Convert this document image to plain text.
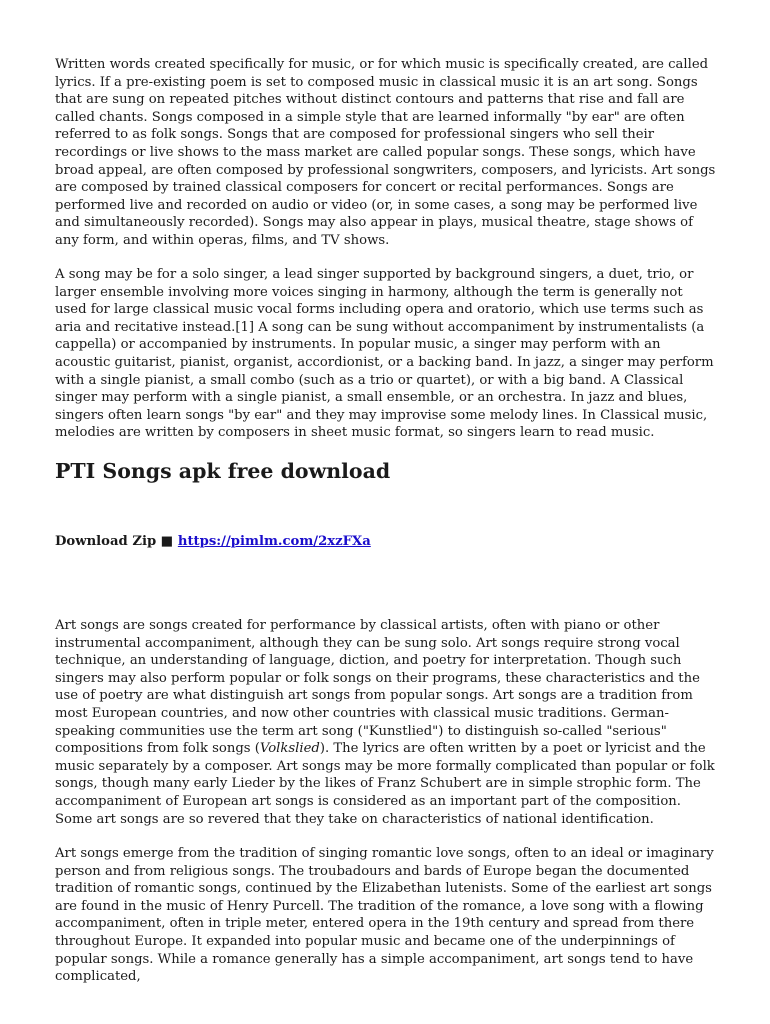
Written words created specifically for music, or for which music is specifically created, are called lyrics. If a pre-existing poem is set to composed music in classical music it is an art song. Songs that are sung on repeated pitches without distinct contours and patterns that rise and fall are called chants. Songs composed in a simple style that are learned informally "by ear" are often referred to as folk songs. Songs that are composed for professional singers who sell their recordings or live shows to the mass market are called popular songs. These songs, which have broad appeal, are often composed by professional songwriters, composers, and lyricists. Art songs are composed by trained classical composers for concert or recital performances. Songs are performed live and recorded on audio or video (or, in some cases, a song may be performed live and simultaneously recorded). Songs may also appear in plays, musical theatre, stage shows of any form, and within operas, films, and TV shows.

A song may be for a solo singer, a lead singer supported by background singers, a duet, trio, or larger ensemble involving more voices singing in harmony, although the term is generally not used for large classical music vocal forms including opera and oratorio, which use terms such as aria and recitative instead.[1] A song can be sung without accompaniment by instrumentalists (a cappella) or accompanied by instruments. In popular music, a singer may perform with an acoustic guitarist, pianist, organist, accordionist, or a backing band. In jazz, a singer may perform with a single pianist, a small combo (such as a trio or quartet), or with a big band. A Classical singer may perform with a single pianist, a small ensemble, or an orchestra. In jazz and blues, singers often learn songs "by ear" and they may improvise some melody lines. In Classical music, melodies are written by composers in sheet music format, so singers learn to read music.

PTI Songs apk free download
Download Zip ■ https://pimlm.com/2xzFXa

Art songs are songs created for performance by classical artists, often with piano or other instrumental accompaniment, although they can be sung solo. Art songs require strong vocal technique, an understanding of language, diction, and poetry for interpretation. Though such singers may also perform popular or folk songs on their programs, these characteristics and the use of poetry are what distinguish art songs from popular songs. Art songs are a tradition from most European countries, and now other countries with classical music traditions. German-speaking communities use the term art song ("Kunstlied") to distinguish so-called "serious" compositions from folk songs (Volkslied). The lyrics are often written by a poet or lyricist and the music separately by a composer. Art songs may be more formally complicated than popular or folk songs, though many early Lieder by the likes of Franz Schubert are in simple strophic form. The accompaniment of European art songs is considered as an important part of the composition. Some art songs are so revered that they take on characteristics of national identification.

Art songs emerge from the tradition of singing romantic love songs, often to an ideal or imaginary person and from religious songs. The troubadours and bards of Europe began the documented tradition of romantic songs, continued by the Elizabethan lutenists. Some of the earliest art songs are found in the music of Henry Purcell. The tradition of the romance, a love song with a flowing accompaniment, often in triple meter, entered opera in the 19th century and spread from there throughout Europe. It expanded into popular music and became one of the underpinnings of popular songs. While a romance generally has a simple accompaniment, art songs tend to have complicated,
